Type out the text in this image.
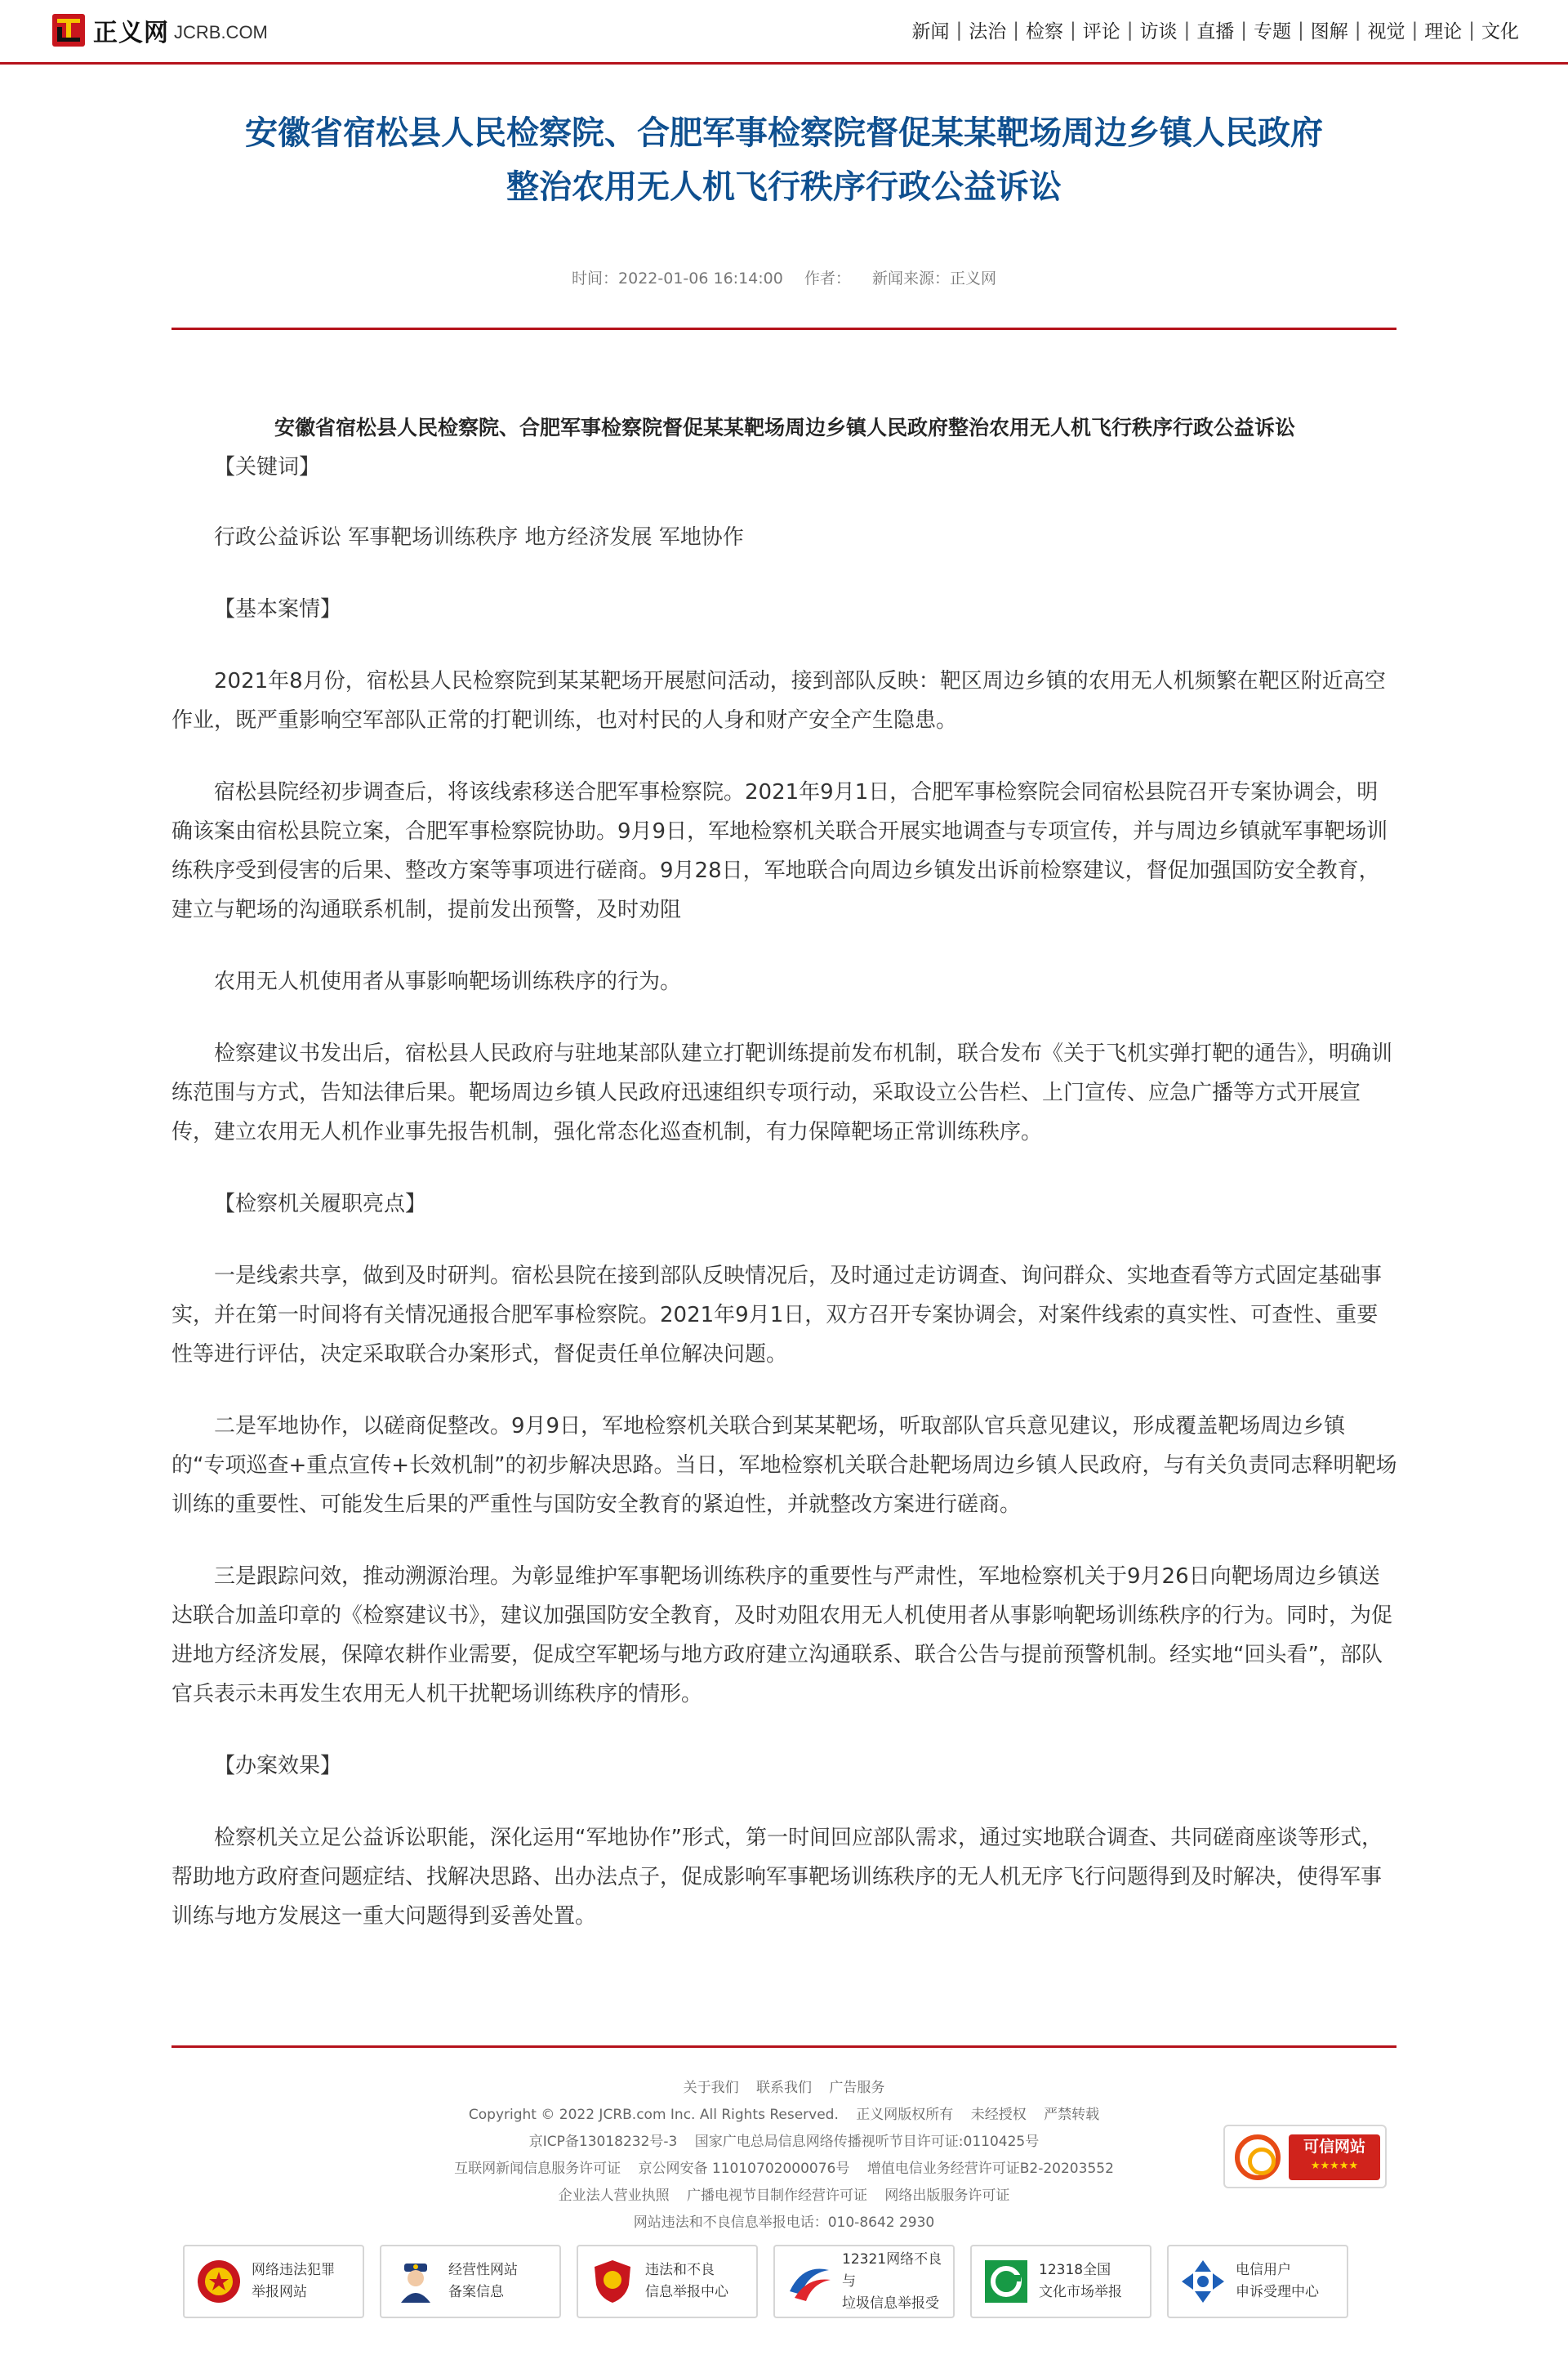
正义网 JCRB.COM	新闻 | 法治 | 检察 | 评论 | 访谈 | 直播 | 专题 | 图解 | 视觉 | 理论 | 文化
安徽省宿松县人民检察院、合肥军事检察院督促某某靶场周边乡镇人民政府
整治农用无人机飞行秩序行政公益诉讼
时间：2022-01-06 16:14:00 作者： 新闻来源：正义网
安徽省宿松县人民检察院、合肥军事检察院督促某某靶场周边乡镇人民政府整治农用无人机飞行秩序行政公益诉讼

【关键词】

行政公益诉讼 军事靶场训练秩序 地方经济发展 军地协作

【基本案情】

2021年8月份，宿松县人民检察院到某某靶场开展慰问活动，接到部队反映：靶区周边乡镇的农用无人机频繁在靶区附近高空作业，既严重影响空军部队正常的打靶训练，也对村民的人身和财产安全产生隐患。

宿松县院经初步调查后，将该线索移送合肥军事检察院。2021年9月1日，合肥军事检察院会同宿松县院召开专案协调会，明确该案由宿松县院立案，合肥军事检察院协助。9月9日，军地检察机关联合开展实地调查与专项宣传，并与周边乡镇就军事靶场训练秩序受到侵害的后果、整改方案等事项进行磋商。9月28日，军地联合向周边乡镇发出诉前检察建议，督促加强国防安全教育，建立与靶场的沟通联系机制，提前发出预警，及时劝阻

农用无人机使用者从事影响靶场训练秩序的行为。

检察建议书发出后，宿松县人民政府与驻地某部队建立打靶训练提前发布机制，联合发布《关于飞机实弹打靶的通告》，明确训练范围与方式，告知法律后果。靶场周边乡镇人民政府迅速组织专项行动，采取设立公告栏、上门宣传、应急广播等方式开展宣传，建立农用无人机作业事先报告机制，强化常态化巡查机制，有力保障靶场正常训练秩序。

【检察机关履职亮点】

一是线索共享，做到及时研判。宿松县院在接到部队反映情况后，及时通过走访调查、询问群众、实地查看等方式固定基础事实，并在第一时间将有关情况通报合肥军事检察院。2021年9月1日，双方召开专案协调会，对案件线索的真实性、可查性、重要性等进行评估，决定采取联合办案形式，督促责任单位解决问题。

二是军地协作，以磋商促整改。9月9日，军地检察机关联合到某某靶场，听取部队官兵意见建议，形成覆盖靶场周边乡镇的“专项巡查+重点宣传+长效机制”的初步解决思路。当日，军地检察机关联合赴靶场周边乡镇人民政府，与有关负责同志释明靶场训练的重要性、可能发生后果的严重性与国防安全教育的紧迫性，并就整改方案进行磋商。

三是跟踪问效，推动溯源治理。为彰显维护军事靶场训练秩序的重要性与严肃性，军地检察机关于9月26日向靶场周边乡镇送达联合加盖印章的《检察建议书》，建议加强国防安全教育，及时劝阻农用无人机使用者从事影响靶场训练秩序的行为。同时，为促进地方经济发展，保障农耕作业需要，促成空军靶场与地方政府建立沟通联系、联合公告与提前预警机制。经实地“回头看”，部队官兵表示未再发生农用无人机干扰靶场训练秩序的情形。

【办案效果】

检察机关立足公益诉讼职能，深化运用“军地协作”形式，第一时间回应部队需求，通过实地联合调查、共同磋商座谈等形式，帮助地方政府查问题症结、找解决思路、出办法点子，促成影响军事靶场训练秩序的无人机无序飞行问题得到及时解决，使得军事训练与地方发展这一重大问题得到妥善处置。

关于我们 联系我们 广告服务
Copyright © 2022 JCRB.com Inc. All Rights Reserved. 正义网版权所有 未经授权 严禁转载
京ICP备13018232号-3 国家广电总局信息网络传播视听节目许可证:0110425号
互联网新闻信息服务许可证 京公网安备 11010702000076号 增值电信业务经营许可证B2-20203552
企业法人营业执照 广播电视节目制作经营许可证 网络出版服务许可证
网站违法和不良信息举报电话：010-8642 2930
可信网站
★★★★★
网络违法犯罪
举报网站
经营性网站
备案信息
违法和不良
信息举报中心
12321网络不良与
垃圾信息举报受
12318全国
文化市场举报
电信用户
申诉受理中心
